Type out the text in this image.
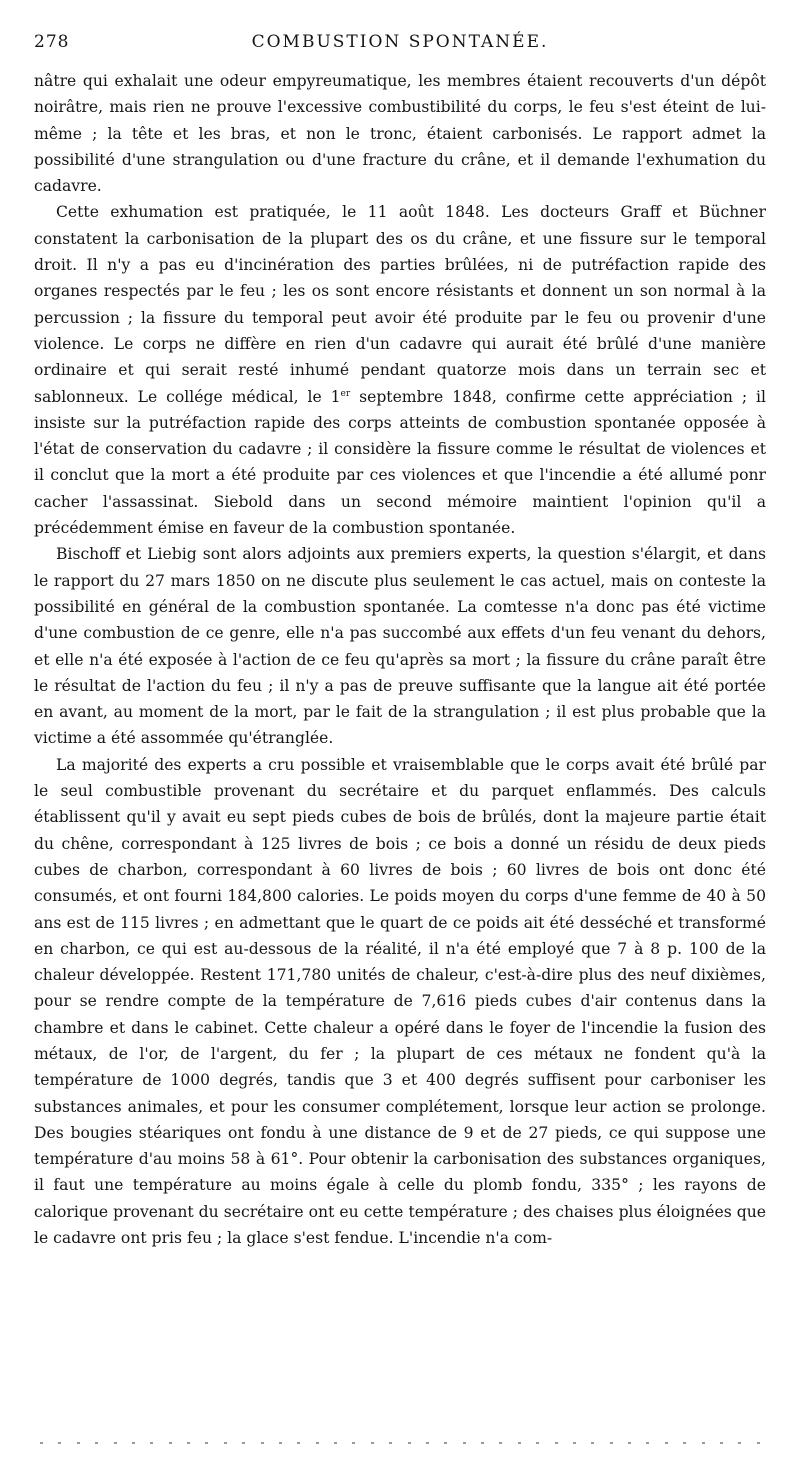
278	COMBUSTION SPONTANÉE.

nâtre qui exhalait une odeur empyreumatique, les membres étaient recouverts d'un dépôt noirâtre, mais rien ne prouve l'excessive combustibilité du corps, le feu s'est éteint de lui-même ; la tête et les bras, et non le tronc, étaient carbonisés. Le rapport admet la possibilité d'une strangulation ou d'une fracture du crâne, et il demande l'exhumation du cadavre.

Cette exhumation est pratiquée, le 11 août 1848. Les docteurs Graff et Büchner constatent la carbonisation de la plupart des os du crâne, et une fissure sur le temporal droit. Il n'y a pas eu d'incinération des parties brûlées, ni de putréfaction rapide des organes respectés par le feu ; les os sont encore résistants et donnent un son normal à la percussion ; la fissure du temporal peut avoir été produite par le feu ou provenir d'une violence. Le corps ne diffère en rien d'un cadavre qui aurait été brûlé d'une manière ordinaire et qui serait resté inhumé pendant quatorze mois dans un terrain sec et sablonneux. Le collége médical, le 1er septembre 1848, confirme cette appréciation ; il insiste sur la putréfaction rapide des corps atteints de combustion spontanée opposée à l'état de conservation du cadavre ; il considère la fissure comme le résultat de violences et il conclut que la mort a été produite par ces violences et que l'incendie a été allumé ponr cacher l'assassinat. Siebold dans un second mémoire maintient l'opinion qu'il a précédemment émise en faveur de la combustion spontanée.

Bischoff et Liebig sont alors adjoints aux premiers experts, la question s'élargit, et dans le rapport du 27 mars 1850 on ne discute plus seulement le cas actuel, mais on conteste la possibilité en général de la combustion spontanée. La comtesse n'a donc pas été victime d'une combustion de ce genre, elle n'a pas succombé aux effets d'un feu venant du dehors, et elle n'a été exposée à l'action de ce feu qu'après sa mort ; la fissure du crâne paraît être le résultat de l'action du feu ; il n'y a pas de preuve suffisante que la langue ait été portée en avant, au moment de la mort, par le fait de la strangulation ; il est plus probable que la victime a été assommée qu'étranglée.

La majorité des experts a cru possible et vraisemblable que le corps avait été brûlé par le seul combustible provenant du secrétaire et du parquet enflammés. Des calculs établissent qu'il y avait eu sept pieds cubes de bois de brûlés, dont la majeure partie était du chêne, correspondant à 125 livres de bois ; ce bois a donné un résidu de deux pieds cubes de charbon, correspondant à 60 livres de bois ; 60 livres de bois ont donc été consumés, et ont fourni 184,800 calories. Le poids moyen du corps d'une femme de 40 à 50 ans est de 115 livres ; en admettant que le quart de ce poids ait été desséché et transformé en charbon, ce qui est au-dessous de la réalité, il n'a été employé que 7 à 8 p. 100 de la chaleur développée. Restent 171,780 unités de chaleur, c'est-à-dire plus des neuf dixièmes, pour se rendre compte de la température de 7,616 pieds cubes d'air contenus dans la chambre et dans le cabinet. Cette chaleur a opéré dans le foyer de l'incendie la fusion des métaux, de l'or, de l'argent, du fer ; la plupart de ces métaux ne fondent qu'à la température de 1000 degrés, tandis que 3 et 400 degrés suffisent pour carboniser les substances animales, et pour les consumer complétement, lorsque leur action se prolonge. Des bougies stéariques ont fondu à une distance de 9 et de 27 pieds, ce qui suppose une température d'au moins 58 à 61°. Pour obtenir la carbonisation des substances organiques, il faut une température au moins égale à celle du plomb fondu, 335° ; les rayons de calorique provenant du secrétaire ont eu cette température ; des chaises plus éloignées que le cadavre ont pris feu ; la glace s'est fendue. L'incendie n'a com-
